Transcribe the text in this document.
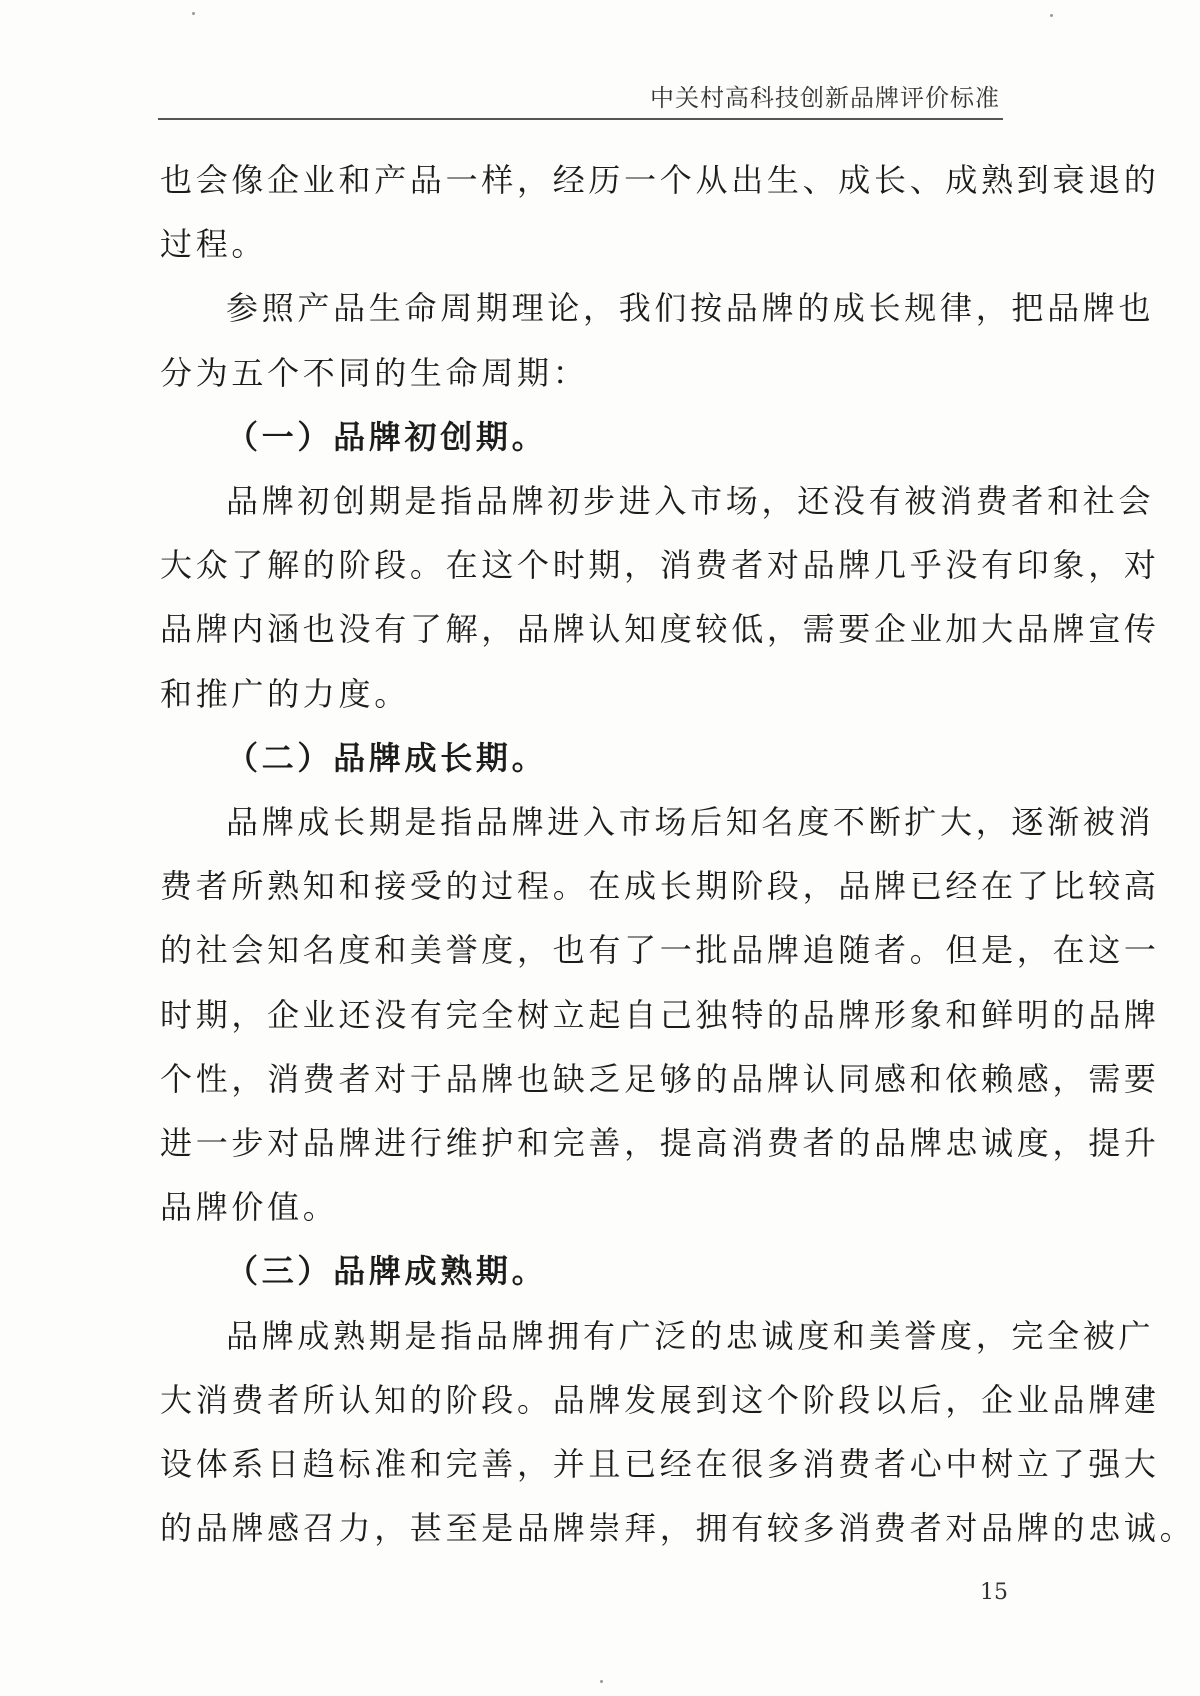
中关村高科技创新品牌评价标准

也会像企业和产品一样，经历一个从出生、成长、成熟到衰退的

过程。

参照产品生命周期理论，我们按品牌的成长规律，把品牌也

分为五个不同的生命周期：

（一）品牌初创期。

品牌初创期是指品牌初步进入市场，还没有被消费者和社会

大众了解的阶段。在这个时期，消费者对品牌几乎没有印象，对

品牌内涵也没有了解，品牌认知度较低，需要企业加大品牌宣传

和推广的力度。

（二）品牌成长期。

品牌成长期是指品牌进入市场后知名度不断扩大，逐渐被消

费者所熟知和接受的过程。在成长期阶段，品牌已经在了比较高

的社会知名度和美誉度，也有了一批品牌追随者。但是，在这一

时期，企业还没有完全树立起自己独特的品牌形象和鲜明的品牌

个性，消费者对于品牌也缺乏足够的品牌认同感和依赖感，需要

进一步对品牌进行维护和完善，提高消费者的品牌忠诚度，提升

品牌价值。

（三）品牌成熟期。

品牌成熟期是指品牌拥有广泛的忠诚度和美誉度，完全被广

大消费者所认知的阶段。品牌发展到这个阶段以后，企业品牌建

设体系日趋标准和完善，并且已经在很多消费者心中树立了强大

的品牌感召力，甚至是品牌崇拜，拥有较多消费者对品牌的忠诚。

15
